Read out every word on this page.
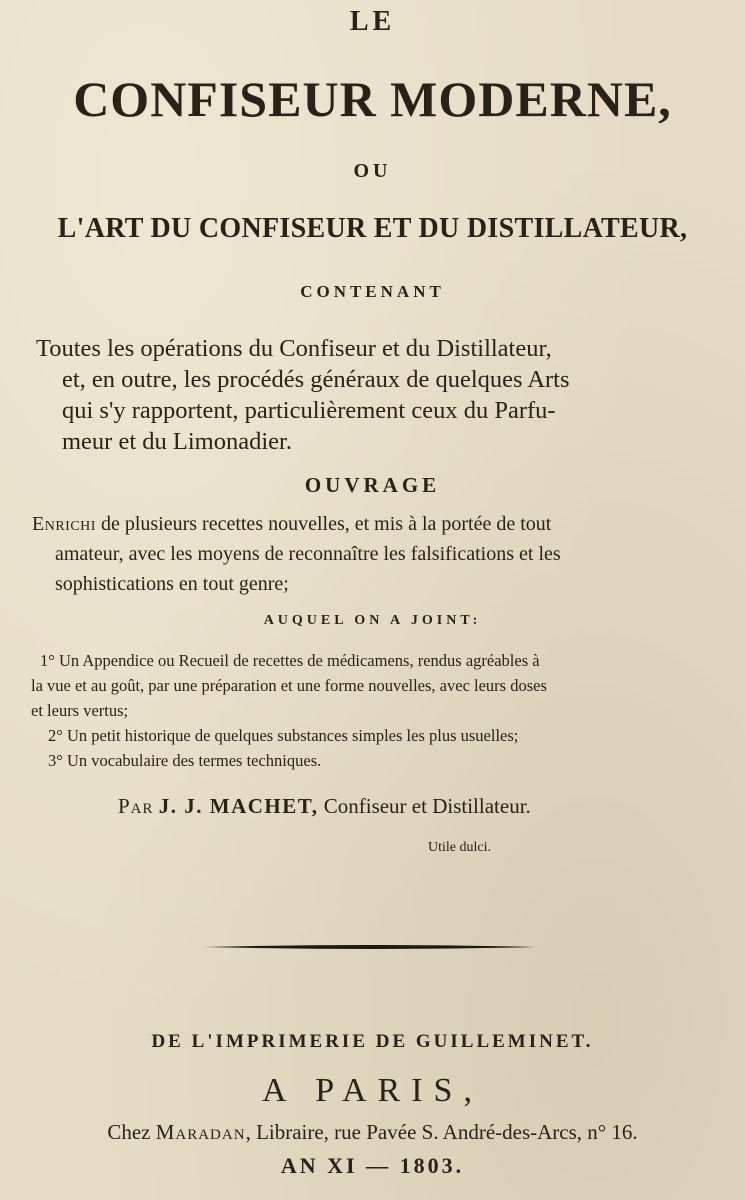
LE
CONFISEUR MODERNE,
OU
L'ART DU CONFISEUR ET DU DISTILLATEUR,
CONTENANT
Toutes les opérations du Confiseur et du Distillateur,
et, en outre, les procédés généraux de quelques Arts
qui s'y rapportent, particulièrement ceux du Parfu-
meur et du Limonadier.
OUVRAGE
Enrichi de plusieurs recettes nouvelles, et mis à la portée de tout
amateur, avec les moyens de reconnaître les falsifications et les
sophistications en tout genre;
AUQUEL ON A JOINT:
1° Un Appendice ou Recueil de recettes de médicamens, rendus agréables à
la vue et au goût, par une préparation et une forme nouvelles, avec leurs doses
et leurs vertus;
2° Un petit historique de quelques substances simples les plus usuelles;
3° Un vocabulaire des termes techniques.
Par J. J. MACHET, Confiseur et Distillateur.
Utile dulci.
DE L'IMPRIMERIE DE GUILLEMINET.
A PARIS,
Chez Maradan, Libraire, rue Pavée S. André-des-Arcs, n° 16.
AN XI — 1803.
